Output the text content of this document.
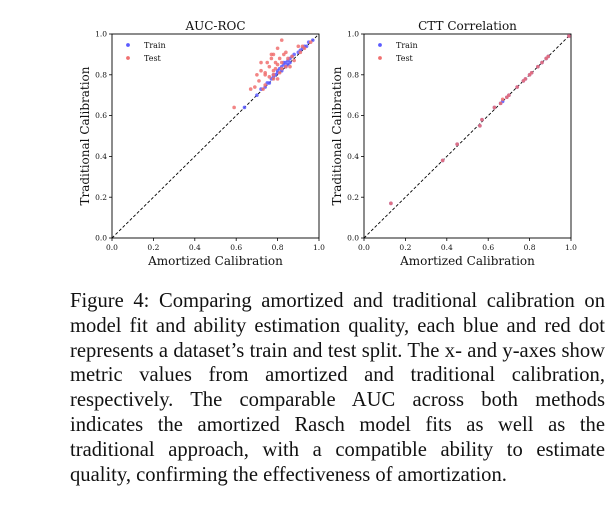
0.0	0.2	0.4	0.6	0.8	1.0
0.0
0.2
0.4
0.6
0.8
1.0
AUC-ROC
Amortized Calibration
Traditional Calibration
Train
Test
0.0	0.2	0.4	0.6	0.8	1.0
0.0
0.2
0.4
0.6
0.8
1.0
CTT Correlation
Amortized Calibration
Traditional Calibration
Train
Test

Figure 4: Comparing amortized and traditional calibration on model fit and ability estimation quality, each blue and red dot represents a dataset’s train and test split. The x- and y-axes show metric values from amortized and traditional calibration, respectively. The comparable AUC across both methods indicates the amortized Rasch model fits as well as the traditional approach, with a compatible ability to estimate quality, confirming the effectiveness of amortization.
